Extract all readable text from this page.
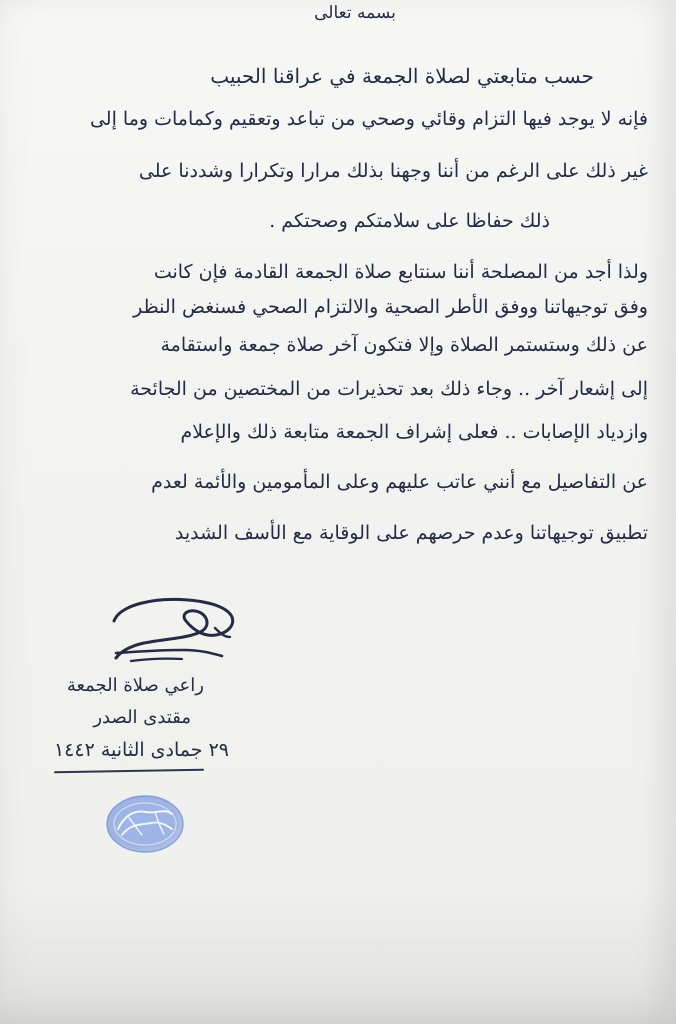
بسمه تعالى
حسب متابعتي لصلاة الجمعة في عراقنا الحبيب
فإنه لا يوجد فيها التزام وقائي وصحي من تباعد وتعقيم وكمامات وما إلى
غير ذلك على الرغم من أننا وجهنا بذلك مرارا وتكرارا وشددنا على
ذلك حفاظا على سلامتكم وصحتكم .
ولذا أجد من المصلحة أننا سنتابع صلاة الجمعة القادمة فإن كانت
وفق توجيهاتنا ووفق الأطر الصحية والالتزام الصحي فسنغض النظر
عن ذلك وستستمر الصلاة وإلا فتكون آخر صلاة جمعة واستقامة
إلى إشعار آخر .. وجاء ذلك بعد تحذيرات من المختصين من الجائحة
وازدياد الإصابات .. فعلى إشراف الجمعة متابعة ذلك والإعلام
عن التفاصيل مع أنني عاتب عليهم وعلى المأمومين والأئمة لعدم
تطبيق توجيهاتنا وعدم حرصهم على الوقاية مع الأسف الشديد
راعي صلاة الجمعة
مقتدى الصدر
٢٩ جمادى الثانية ١٤٤٢
